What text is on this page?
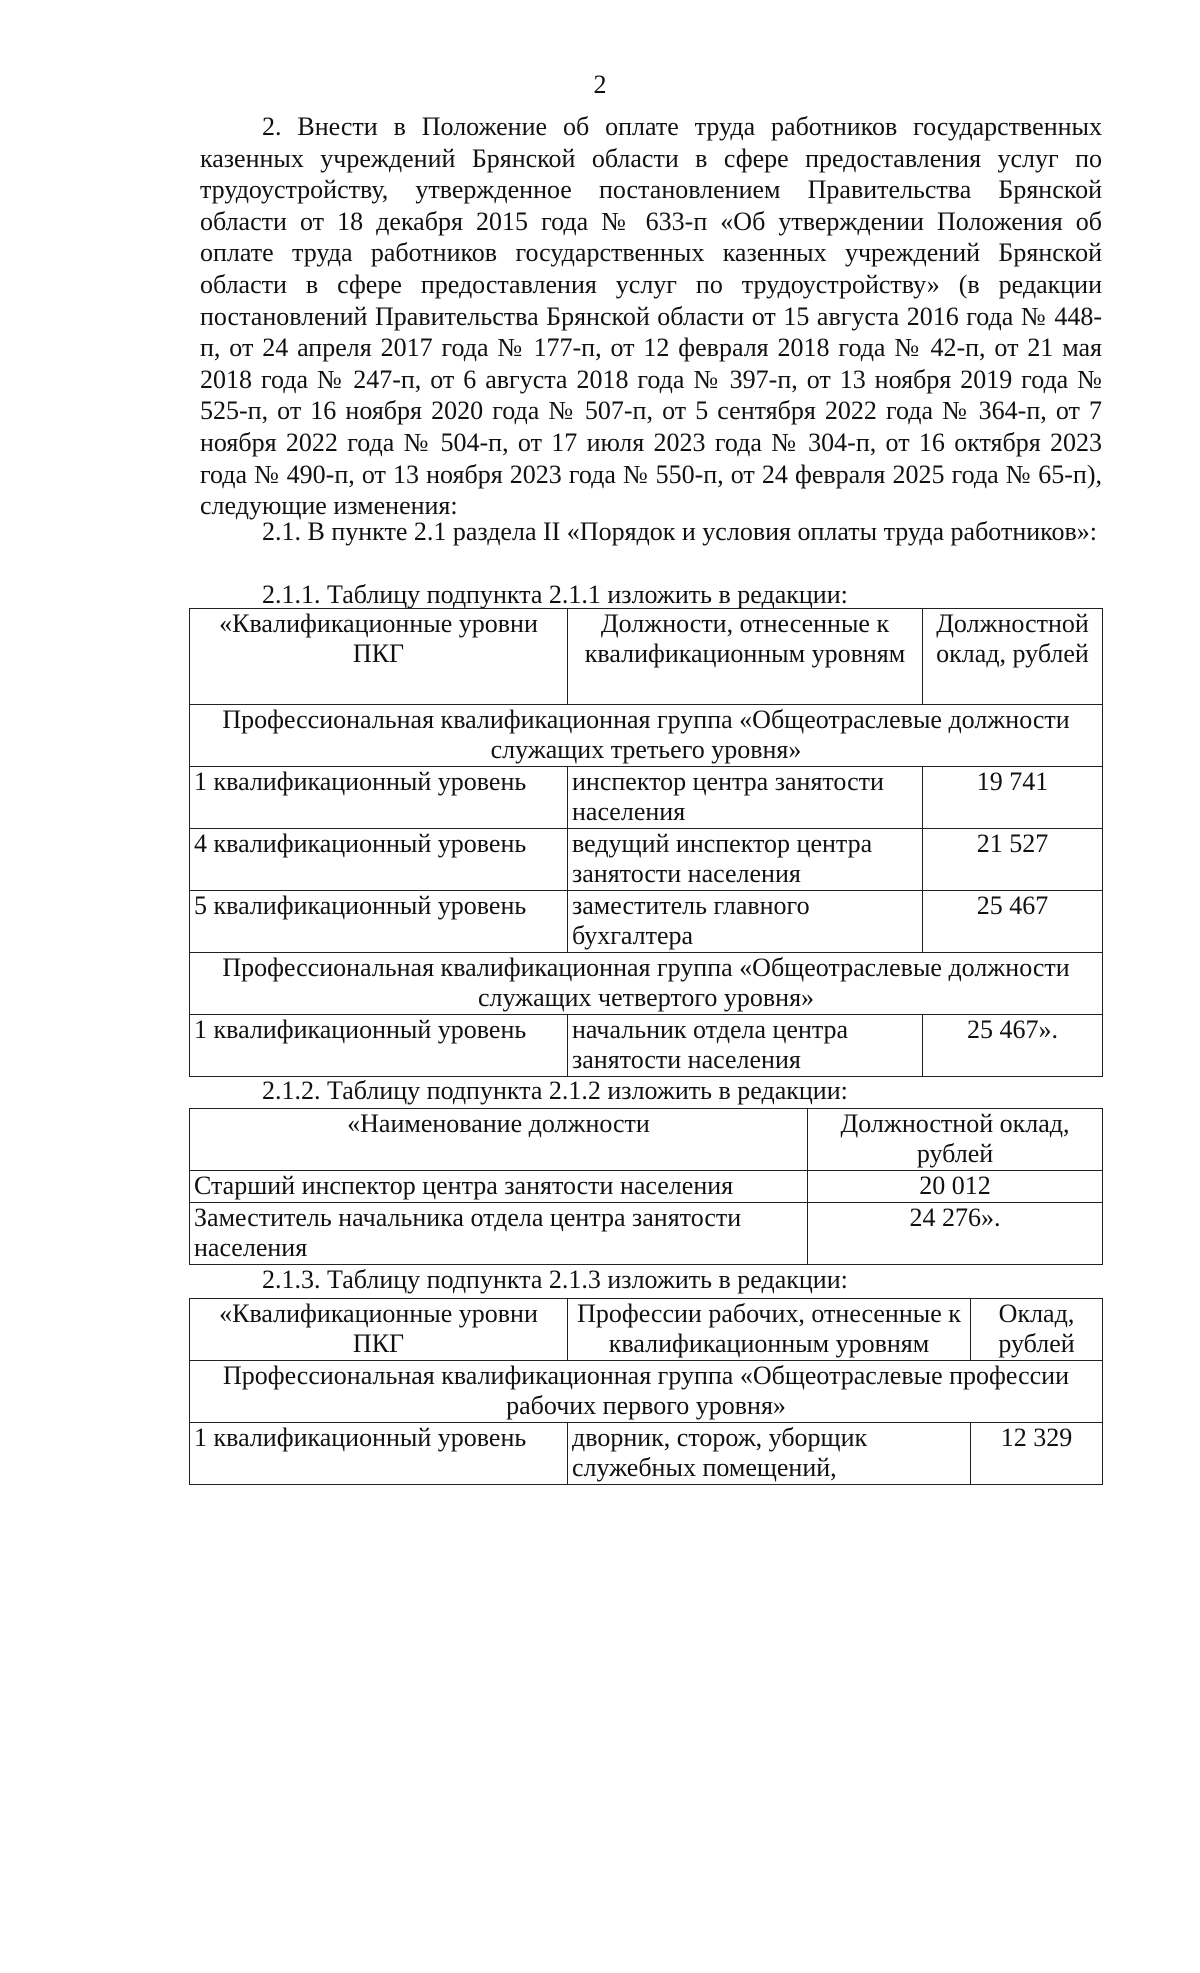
2

2. Внести в Положение об оплате труда работников государственных казенных учреждений Брянской области в сфере предоставления услуг по трудоустройству, утвержденное постановлением Правительства Брянской области от 18 декабря 2015 года № 633-п «Об утверждении Положения об оплате труда работников государственных казенных учреждений Брянской области в сфере предоставления услуг по трудоустройству» (в редакции постановлений Правительства Брянской области от 15 августа 2016 года № 448-п, от 24 апреля 2017 года № 177-п, от 12 февраля 2018 года № 42-п, от 21 мая 2018 года № 247-п, от 6 августа 2018 года № 397-п, от 13 ноября 2019 года № 525-п, от 16 ноября 2020 года № 507-п, от 5 сентября 2022 года № 364-п, от 7 ноября 2022 года № 504-п, от 17 июля 2023 года № 304-п, от 16 октября 2023 года № 490-п, от 13 ноября 2023 года № 550-п, от 24 февраля 2025 года № 65-п), следующие изменения:

2.1. В пункте 2.1 раздела II «Порядок и условия оплаты труда работников»:

2.1.1. Таблицу подпункта 2.1.1 изложить в редакции:
«Квалификационные уровни ПКГ	Должности, отнесенные к квалификационным уровням	Должностной оклад, рублей
Профессиональная квалификационная группа «Общеотраслевые должности служащих третьего уровня»		
1 квалификационный уровень	инспектор центра занятости населения	19 741
4 квалификационный уровень	ведущий инспектор центра занятости населения	21 527
5 квалификационный уровень	заместитель главного бухгалтера	25 467
Профессиональная квалификационная группа «Общеотраслевые должности служащих четвертого уровня»		
1 квалификационный уровень	начальник отдела центра занятости населения	25 467».
2.1.2. Таблицу подпункта 2.1.2 изложить в редакции:
«Наименование должности	Должностной оклад, рублей
Старший инспектор центра занятости населения	20 012
Заместитель начальника отдела центра занятости населения	24 276».
2.1.3. Таблицу подпункта 2.1.3 изложить в редакции:
«Квалификационные уровни ПКГ	Профессии рабочих, отнесенные к квалификационным уровням	Оклад, рублей
Профессиональная квалификационная группа «Общеотраслевые профессии рабочих первого уровня»		
1 квалификационный уровень	дворник, сторож, уборщик служебных помещений,	12 329
